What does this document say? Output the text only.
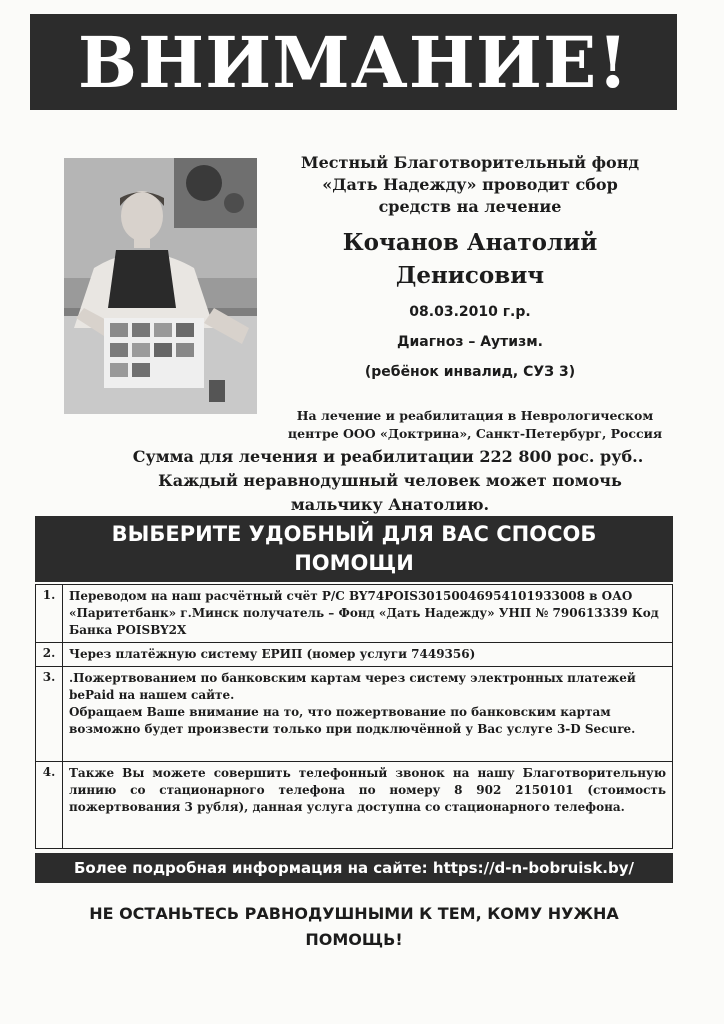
ВНИМАНИЕ!
Местный Благотворительный фонд
«Дать Надежду» проводит сбор
средств на лечение
Кочанов Анатолий
Денисович
08.03.2010 г.р.
Диагноз – Аутизм.
(ребёнок инвалид, СУЗ 3)
На лечение и реабилитация в Неврологическом
центре ООО «Доктрина», Санкт-Петербург, Россия
Сумма для лечения и реабилитации 222 800 рос. руб..
Каждый неравнодушный человек может помочь
мальчику Анатолию.
ВЫБЕРИТЕ УДОБНЫЙ ДЛЯ ВАС СПОСОБ
ПОМОЩИ
1.	Переводом на наш расчётный счёт Р/С BY74POIS30150046954101933008 в ОАО «Паритетбанк» г.Минск получатель – Фонд «Дать Надежду» УНП № 790613339 Код Банка POISBY2X
2.	Через платёжную систему ЕРИП (номер услуги 7449356)
3.	.Пожертвованием по банковским картам через систему электронных платежей bePaid на нашем сайте.
Обращаем Ваше внимание на то, что пожертвование по банковским картам возможно будет произвести только при подключённой у Вас услуге 3-D Secure.

4.	Также Вы можете совершить телефонный звонок на нашу Благотворительную линию со стационарного телефона по номеру 8 902 2150101 (стоимость пожертвования 3 рубля), данная услуга доступна со стационарного телефона.
Более подробная информация на сайте: https://d-n-bobruisk.by/
НЕ ОСТАНЬТЕСЬ РАВНОДУШНЫМИ К ТЕМ, КОМУ НУЖНА
ПОМОЩЬ!
